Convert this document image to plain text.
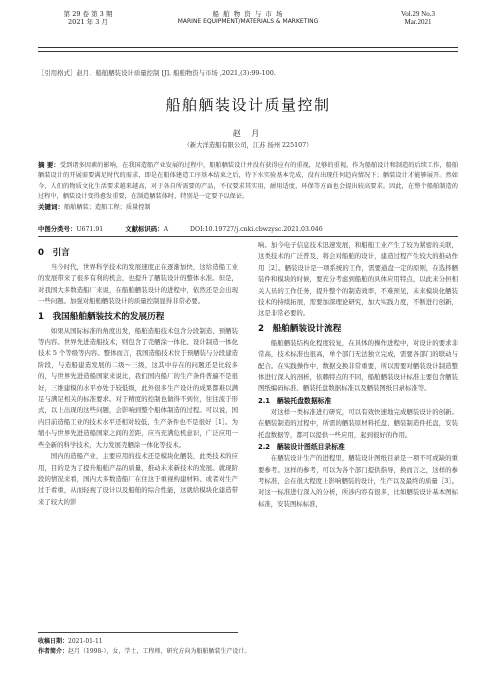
第 29 卷 第 3 期
2021 年 3 月
船 舶 物 资 与 市 场
MARINE EQUIPMENT/MATERIALS & MARKETING
Vol.29 No.3
Mar.2021
［引用格式］赵月．船舶舾装设计质量控制 [J]. 船舶物资与市场 ,2021,(3):99-100.
船舶舾装设计质量控制
赵 月
（新大洋造船有限公司，江苏 扬州 225107）
摘 要：受到诸多因素的影响，在我国造船产业发展的过程中，船舶舾装设计并没有获得应有的重视，足够的重视。作为船舶设计和制造的后续工作，船舶舾装设计的开展需要满足时代的需求，即是在船体建造工序基本结束之后，待下水实验基本完成，没有出现任何趋向情况下；舾装设计才能够展开。然如今，人们的物质文化生活要求越来越高，对于各自所需要的产品，不仅要求其实用，耐用适度，环保等方面也会提出较高要求。因此，在整个船舶制造的过程中，舾装设计变得愈发重要，在制造舾装体时，特别是一定要予以保证。
关键词：船舶舾装；造船工程；质量控制
中图分类号：U671.91	文献标识码：A	DOI:10.19727/j.cnki.cbwzysc.2021.03.046
0　引言

当今时代，世界科学技术的发展速度正在逐渐加快，这给造船工业的发展带来了很多有利的机会，也提升了舾装设计的整体水准。但是，对我国大多数造船厂来说，在船舶舾装设计的进程中，依然还是会出现一些问题。加强对船舶舾装设计的质量控制显得非常必要。

1　我国船舶舾装技术的发展历程

如果从国际标准的角度出发，船舶造船技术包含分段制造、预舾装等内容。世界先进造船技术，则包含了壳舾涂一体化、设计制造一体化技术 5 个等级等内容。整体而言，我国造船技术位于预舾装与分段建造阶段，与造船建造发展的二级～三级，这其中存在的问题还是比较多的，与世界先进造船国家来说比，我们国内船厂的生产条件普遍不是很好，三维建模的水平亦处于较低级，此外很多生产设计的成果都难以满足与满足相关的标准要求。对于精度的控制也做得不到位，往往流于形式，以上出现的这些问题，会影响到整个船体制造的过程。可以说，国内目前造船工业的技术水平还相对较低，生产条件也不是很好［1］。为缩小与世界先进造船国家之间的差距，应当充满危机意识，广泛应用一些全新的科学技术，大力发展壳舾涂一体化等技术。

国内的造船产业，主要应用的技术还是模块化舾装，此类技术的应用，目的是为了提升船舶产品的质量，推动未来新技术的发展。就现阶段的情况来看，国内大多数造船厂在住这于重视构建材料、或者对生产过于看重，从而轻视了设计以及船舶的综合性能，这就给模块化建造带来了较大的影

响。加今电子信息技术迅速发展，和船舶工业产生了较为紧密的关联，这类技术的广泛普及，将会对船舶的设计，建造过程产生较大的推动作用［2］。舾装设计是一项系统的工作，需要通盘一定的原则，在选择舾装件和模块的时候，要充分考虑到船舶的具体应用特点，以此来分担相关人员的工作任务，提升整个的制造效率，不难预见，未来模块化舾装技术的持续拓展，需要加深理论研究，加大实践力度，不断进行创新，这是非常必要的。

2　船舶舾装设计流程

船舶舾装结构化程度较复，在具体的操作进程中，对设计的要求非常高，技术标准也很高，单个部门无法独立完成，需要各部门的联动与配合。在实践操作中，数据交换非常重要，所以需要对舾装设计制造整体进行深入的剖析，依赖特点的不同，船舶舾装设计标准主要包含舾装图纸编码标准、舾装托盘数据标准以及舾装图纸目录标准等。

2.1　舾装托盘数据标准

对这样一类标准进行研究，可以有效快速地完成舾装设计的创新。在舾装制造的过程中，所需的舾装原材料托盘、舾装制造件托盘，安装托盘数据等，都可以提供一些应用，起到很好的作用。

2.2　舾装设计图纸目录标准

在舾装设计生产的进程里，舾装设计图纸目录是一项不可或缺的重要参考。这样的参考，可以为各个部门提供指导，换而言之，这样的参考标准，会在很大程度上影响舾装的设计，生产以及最终的质量［3］。对这一标准进行深入的分析，所涉内容有很多，比如舾装设计基本图标标准，安装图标标准，

收稿日期：2021-01-11
作者简介：赵月（1998-），女，学士，工程师，研究方向为船舶舾装生产设计。
